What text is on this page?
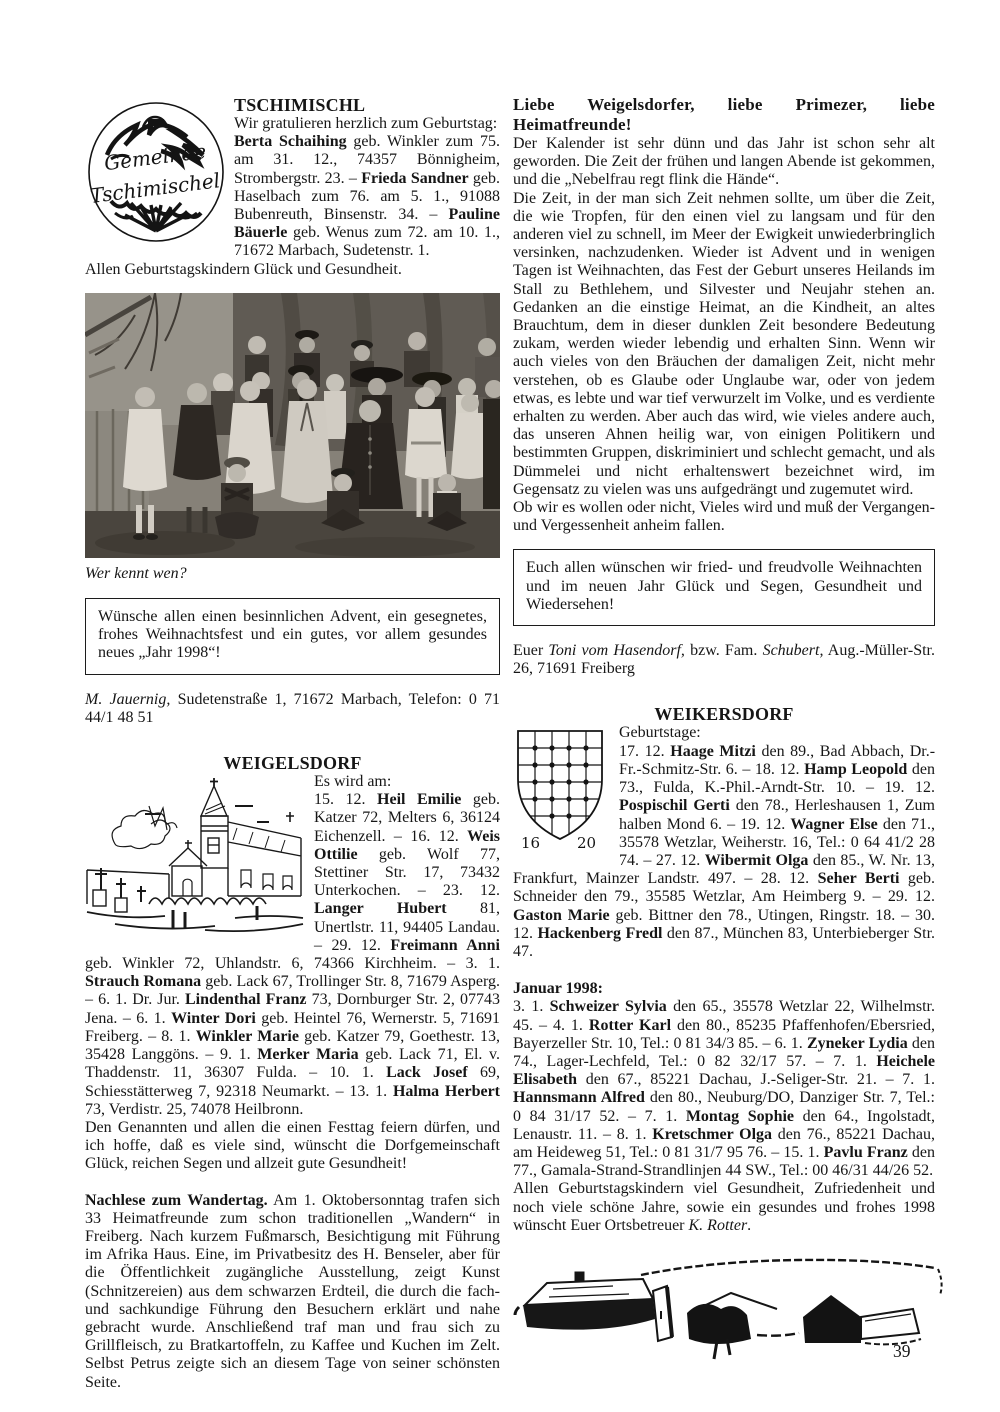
Gemeinde
Tschimischel
TSCHIMISCHL
Wir gratulieren herzlich zum Geburtstag:
Berta Schaihing geb. Winkler zum 75. am 31. 12., 74357 Bönnigheim, Strombergstr. 23. – Frieda Sandner geb. Haselbach zum 76. am 5. 1., 91088 Bubenreuth, Binsenstr. 34. – Pauline Bäuerle geb. Wenus zum 72. am 10. 1., 71672 Marbach, Sudetenstr. 1.
Allen Geburtstagskindern Glück und Gesundheit.
Wer kennt wen?
Wünsche allen einen besinnlichen Advent, ein gesegnetes, frohes Weihnachtsfest und ein gutes, vor allem gesundes neues „Jahr 1998“!
M. Jauernig, Sudetenstraße 1, 71672 Marbach, Telefon: 0 71 44/1 48 51
WEIGELSDORF
Es wird am:
15. 12. Heil Emilie geb. Katzer 72, Melters 6, 36124 Eichenzell. – 16. 12. Weis Ottilie geb. Wolf 77, Stettiner Str. 17, 73432 Unterkochen. – 23. 12. Langer Hubert 81, Unertlstr. 11, 94405 Landau. – 29. 12. Freimann Anni geb. Winkler 72, Uhlandstr. 6, 74366 Kirchheim. – 3. 1. Strauch Romana geb. Lack 67, Trollinger Str. 8, 71679 Asperg. – 6. 1. Dr. Jur. Lindenthal Franz 73, Dornburger Str. 2, 07743 Jena. – 6. 1. Winter Dori geb. Heintel 76, Wernerstr. 5, 71691 Freiberg. – 8. 1. Winkler Marie geb. Katzer 79, Goethestr. 13, 35428 Langgöns. – 9. 1. Merker Maria geb. Lack 71, El. v. Thaddenstr. 11, 36307 Fulda. – 10. 1. Lack Josef 69, Schiesstätterweg 7, 92318 Neumarkt. – 13. 1. Halma Herbert 73, Verdistr. 25, 74078 Heilbronn.
Den Genannten und allen die einen Festtag feiern dürfen, und ich hoffe, daß es viele sind, wünscht die Dorfgemeinschaft Glück, reichen Segen und allzeit gute Gesundheit!
Nachlese zum Wandertag. Am 1. Oktobersonntag trafen sich 33 Heimatfreunde zum schon traditionellen „Wandern“ in Freiberg. Nach kurzem Fußmarsch, Besichtigung mit Führung im Afrika Haus. Eine, im Privatbesitz des H. Benseler, aber für die Öffentlichkeit zugängliche Ausstellung, zeigt Kunst (Schnitzereien) aus dem schwarzen Erdteil, die durch die fach- und sachkundige Führung den Besuchern erklärt und nahe gebracht wurde. Anschließend traf man und frau sich zu Grillfleisch, zu Bratkartoffeln, zu Kaffee und Kuchen im Zelt. Selbst Petrus zeigte sich an diesem Tage von seiner schönsten Seite.
Liebe Weigelsdorfer, liebe Primezer, liebe Heimatfreunde!
Der Kalender ist sehr dünn und das Jahr ist schon sehr alt geworden. Die Zeit der frühen und langen Abende ist gekommen, und die „Nebelfrau regt flink die Hände“.
Die Zeit, in der man sich Zeit nehmen sollte, um über die Zeit, die wie Tropfen, für den einen viel zu langsam und für den anderen viel zu schnell, im Meer der Ewigkeit unwiederbringlich versinken, nachzudenken. Wieder ist Advent und in wenigen Tagen ist Weihnachten, das Fest der Geburt unseres Heilands im Stall zu Bethlehem, und Silvester und Neujahr stehen an. Gedanken an die einstige Heimat, an die Kindheit, an altes Brauchtum, dem in dieser dunklen Zeit besondere Bedeutung zukam, werden wieder lebendig und erhalten Sinn. Wenn wir auch vieles von den Bräuchen der damaligen Zeit, nicht mehr verstehen, ob es Glaube oder Unglaube war, oder von jedem etwas, es lebte und war tief verwurzelt im Volke, und es verdiente erhalten zu werden. Aber auch das wird, wie vieles andere auch, das unseren Ahnen heilig war, von einigen Politikern und bestimmten Gruppen, diskriminiert und schlecht gemacht, und als Dümmelei und nicht erhaltenswert bezeichnet wird, im Gegensatz zu vielen was uns aufgedrängt und zugemutet wird.
Ob wir es wollen oder nicht, Vieles wird und muß der Vergangen- und Vergessenheit anheim fallen.
Euch allen wünschen wir fried- und freudvolle Weihnachten und im neuen Jahr Glück und Segen, Gesundheit und Wiedersehen!
Euer Toni vom Hasendorf, bzw. Fam. Schubert, Aug.-Müller-Str. 26, 71691 Freiberg
WEIKERSDORF
16 20
Geburtstage:
17. 12. Haage Mitzi den 89., Bad Abbach, Dr.-Fr.-Schmitz-Str. 6. – 18. 12. Hamp Leopold den 73., Fulda, K.-Phil.-Arndt-Str. 10. – 19. 12. Pospischil Gerti den 78., Herleshausen 1, Zum halben Mond 6. – 19. 12. Wagner Else den 71., 35578 Wetzlar, Weiherstr. 16, Tel.: 0 64 41/2 28 74. – 27. 12. Wibermit Olga den 85., W. Nr. 13, Frankfurt, Mainzer Landstr. 497. – 28. 12. Seher Berti geb. Schneider den 79., 35585 Wetzlar, Am Heimberg 9. – 29. 12. Gaston Marie geb. Bittner den 78., Utingen, Ringstr. 18. – 30. 12. Hackenberg Fredl den 87., München 83, Unterbieberger Str. 47.
Januar 1998:
3. 1. Schweizer Sylvia den 65., 35578 Wetzlar 22, Wilhelmstr. 45. – 4. 1. Rotter Karl den 80., 85235 Pfaffenhofen/Ebersried, Bayerzeller Str. 10, Tel.: 0 81 34/3 85. – 6. 1. Zyneker Lydia den 74., Lager-Lechfeld, Tel.: 0 82 32/17 57. – 7. 1. Heichele Elisabeth den 67., 85221 Dachau, J.-Seliger-Str. 21. – 7. 1. Hannsmann Alfred den 80., Neuburg/DO, Danziger Str. 7, Tel.: 0 84 31/17 52. – 7. 1. Montag Sophie den 64., Ingolstadt, Lenaustr. 11. – 8. 1. Kretschmer Olga den 76., 85221 Dachau, am Heideweg 51, Tel.: 0 81 31/7 95 76. – 15. 1. Pavlu Franz den 77., Gamala-Strand-Strandlinjen 44 SW., Tel.: 00 46/31 44/26 52.
Allen Geburtstagskindern viel Gesundheit, Zufriedenheit und noch viele schöne Jahre, sowie ein gesundes und frohes 1998 wünscht Euer Ortsbetreuer K. Rotter.
39
